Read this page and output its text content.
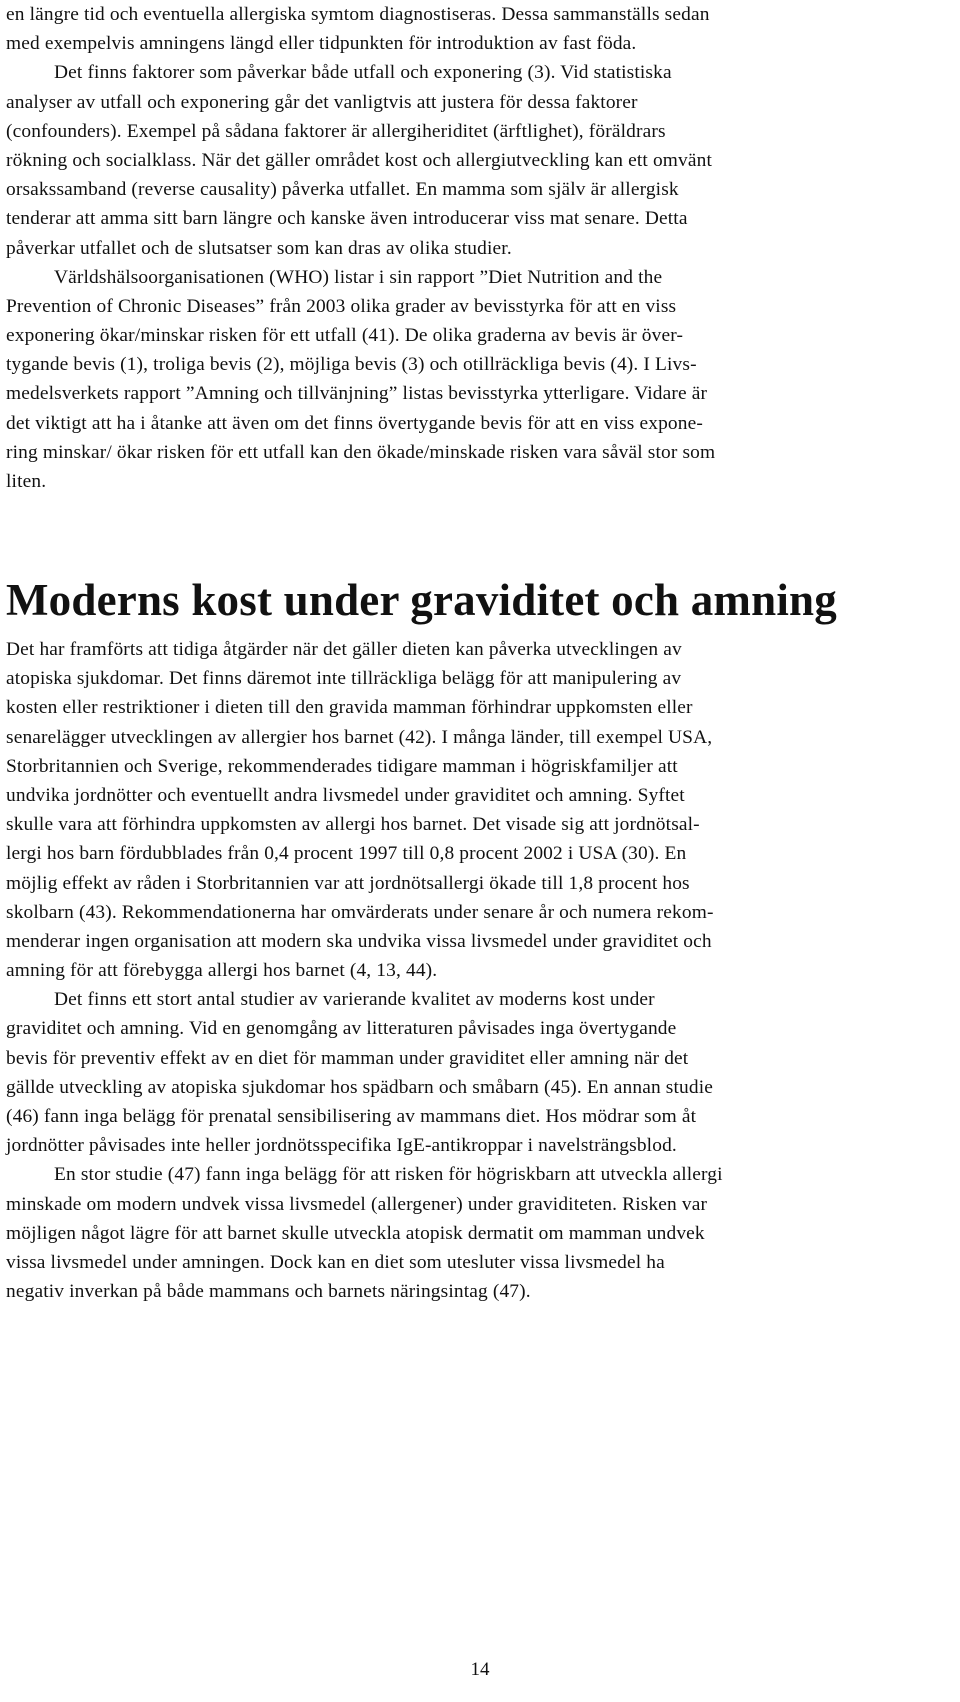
en längre tid och eventuella allergiska symtom diagnostiseras. Dessa sammanställs sedan
med exempelvis amningens längd eller tidpunkten för introduktion av fast föda.
Det finns faktorer som påverkar både utfall och exponering (3). Vid statistiska
analyser av utfall och exponering går det vanligtvis att justera för dessa faktorer
(confounders). Exempel på sådana faktorer är allergiheriditet (ärftlighet), föräldrars
rökning och socialklass. När det gäller området kost och allergiutveckling kan ett omvänt
orsakssamband (reverse causality) påverka utfallet. En mamma som själv är allergisk
tenderar att amma sitt barn längre och kanske även introducerar viss mat senare. Detta
påverkar utfallet och de slutsatser som kan dras av olika studier.
Världshälsoorganisationen (WHO) listar i sin rapport ”Diet Nutrition and the
Prevention of Chronic Diseases” från 2003 olika grader av bevisstyrka för att en viss
exponering ökar/minskar risken för ett utfall (41). De olika graderna av bevis är över-
tygande bevis (1), troliga bevis (2), möjliga bevis (3) och otillräckliga bevis (4). I Livs-
medelsverkets rapport ”Amning och tillvänjning” listas bevisstyrka ytterligare. Vidare är
det viktigt att ha i åtanke att även om det finns övertygande bevis för att en viss expone-
ring minskar/ ökar risken för ett utfall kan den ökade/minskade risken vara såväl stor som
liten.
Moderns kost under graviditet och amning
Det har framförts att tidiga åtgärder när det gäller dieten kan påverka utvecklingen av
atopiska sjukdomar. Det finns däremot inte tillräckliga belägg för att manipulering av
kosten eller restriktioner i dieten till den gravida mamman förhindrar uppkomsten eller
senarelägger utvecklingen av allergier hos barnet (42). I många länder, till exempel USA,
Storbritannien och Sverige, rekommenderades tidigare mamman i högriskfamiljer att
undvika jordnötter och eventuellt andra livsmedel under graviditet och amning. Syftet
skulle vara att förhindra uppkomsten av allergi hos barnet. Det visade sig att jordnötsal-
lergi hos barn fördubblades från 0,4 procent 1997 till 0,8 procent 2002 i USA (30). En
möjlig effekt av råden i Storbritannien var att jordnötsallergi ökade till 1,8 procent hos
skolbarn (43). Rekommendationerna har omvärderats under senare år och numera rekom-
menderar ingen organisation att modern ska undvika vissa livsmedel under graviditet och
amning för att förebygga allergi hos barnet (4, 13, 44).
Det finns ett stort antal studier av varierande kvalitet av moderns kost under
graviditet och amning. Vid en genomgång av litteraturen påvisades inga övertygande
bevis för preventiv effekt av en diet för mamman under graviditet eller amning när det
gällde utveckling av atopiska sjukdomar hos spädbarn och småbarn (45). En annan studie
(46) fann inga belägg för prenatal sensibilisering av mammans diet. Hos mödrar som åt
jordnötter påvisades inte heller jordnötsspecifika IgE-antikroppar i navelsträngsblod.
En stor studie (47) fann inga belägg för att risken för högriskbarn att utveckla allergi
minskade om modern undvek vissa livsmedel (allergener) under graviditeten. Risken var
möjligen något lägre för att barnet skulle utveckla atopisk dermatit om mamman undvek
vissa livsmedel under amningen. Dock kan en diet som utesluter vissa livsmedel ha
negativ inverkan på både mammans och barnets näringsintag (47).
14
